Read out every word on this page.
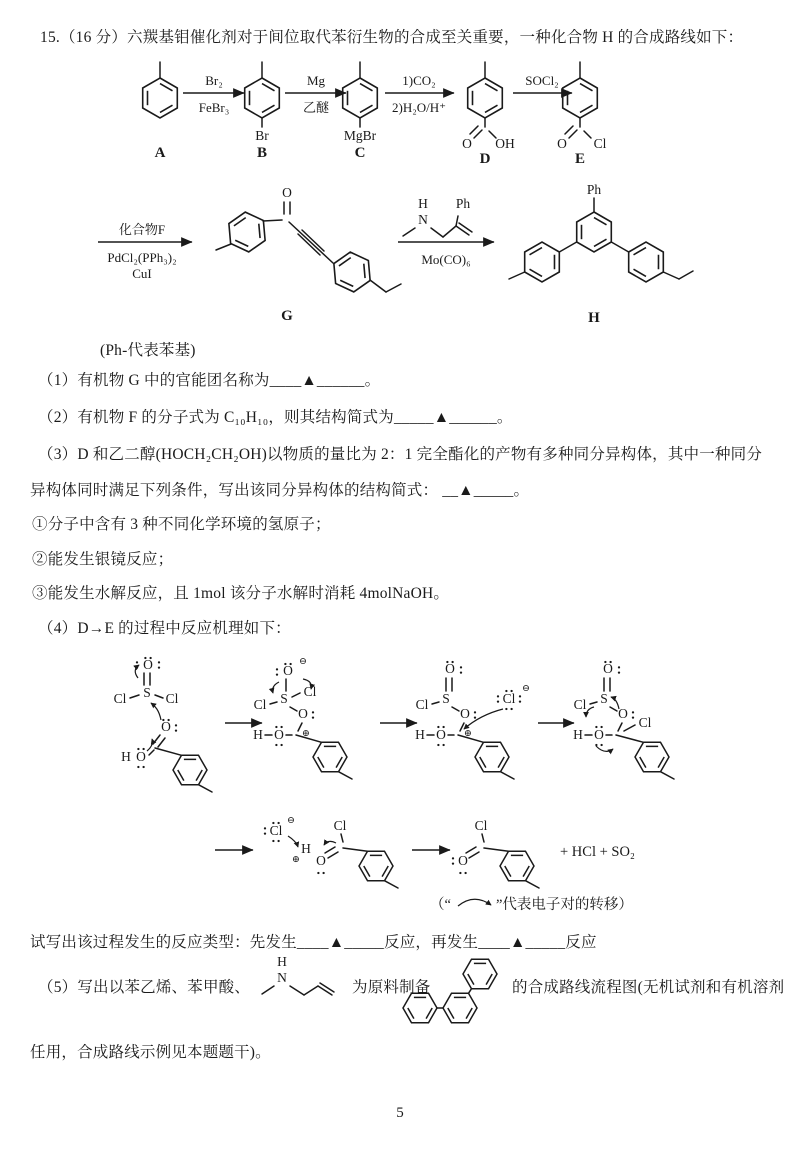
15.（16 分）六羰基钼催化剂对于间位取代苯衍生物的合成至关重要，一种化合物 H 的合成路线如下：
A
Br₂
FeBr₃
Br
B
Mg
乙醚
MgBr
C
1)CO₂
2)H₂O/H⁺
O OH
D
SOCl₂
O Cl
E
化合物F
PdCl₂(PPh₃)₂
CuI
O
G
Mo(CO)₆
H
N
Ph
Ph
H
(Ph-代表苯基)
（1）有机物 G 中的官能团名称为____▲______。
（2）有机物 F 的分子式为 C₁₀H₁₀，则其结构简式为_____▲______。
（3）D 和乙二醇(HOCH₂CH₂OH)以物质的量比为 2：1 完全酯化的产物有多种同分异构体，其中一种同分
异构体同时满足下列条件，写出该同分异构体的结构简式： __▲_____。
①分子中含有 3 种不同化学环境的氢原子；
②能发生银镜反应；
③能发生水解反应，且 1mol 该分子水解时消耗 4molNaOH。
（4）D→E 的过程中反应机理如下：
O
S
Cl	Cl
O
H O
⊖
O
S Cl
Cl
O
⊕
H O
O
S
Cl
O
⊕
H O
Cl
⊖
O
S
Cl
O
Cl
H O
Cl
⊖
H
⊕ O
Cl
O
Cl
+ HCl + SO₂
（“	”代表电子对的转移）
试写出该过程发生的反应类型：先发生____▲_____反应，再发生____▲_____反应
（5）写出以苯乙烯、苯甲酸、
H
N
为原料制备	的合成路线流程图(无机试剂和有机溶剂
任用，合成路线示例见本题题干)。
5
